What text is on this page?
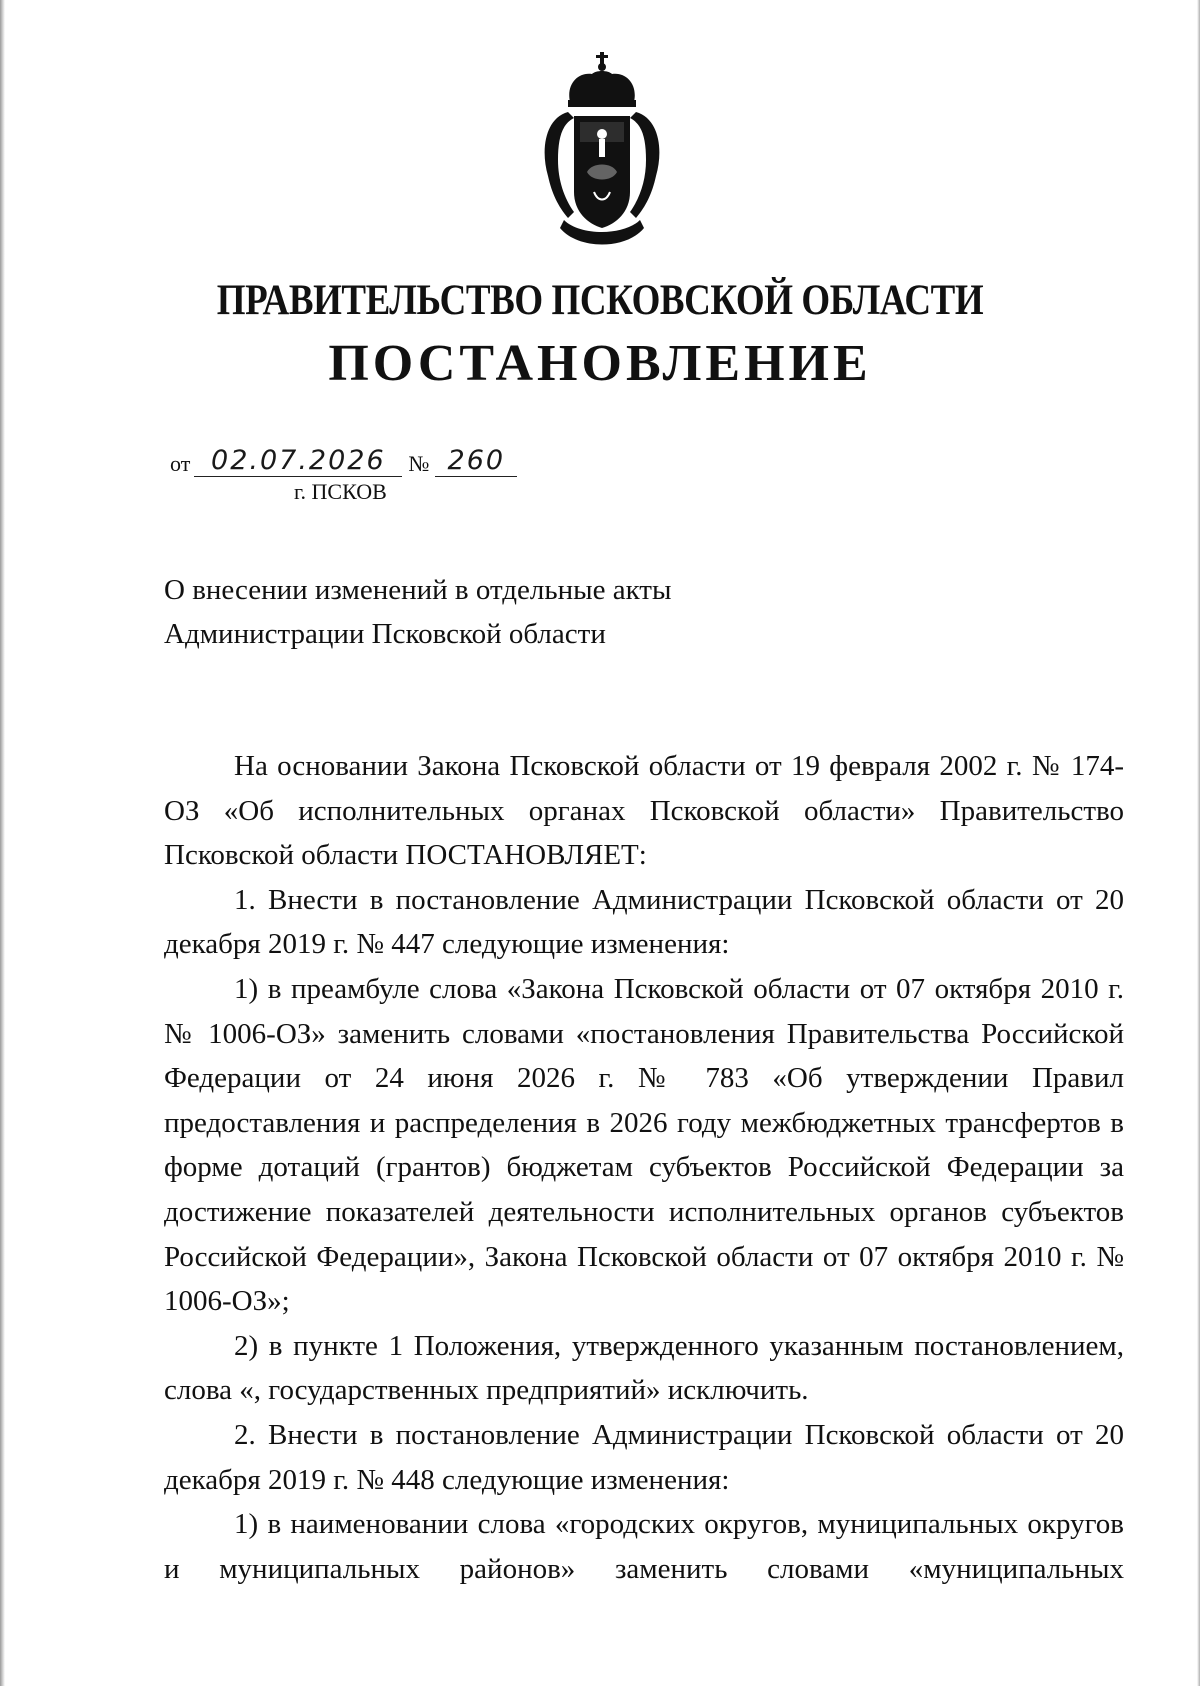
ПРАВИТЕЛЬСТВО ПСКОВСКОЙ ОБЛАСТИ
ПОСТАНОВЛЕНИЕ
от 02.07.2026	№ 260
г. ПСКОВ
О внесении изменений в отдельные акты
Администрации Псковской области

На основании Закона Псковской области от 19 февраля 2002 г. № 174-ОЗ «Об исполнительных органах Псковской области» Правительство Псковской области ПОСТАНОВЛЯЕТ:

1. Внести в постановление Администрации Псковской области от 20 декабря 2019 г. № 447 следующие изменения:

1) в преамбуле слова «Закона Псковской области от 07 октября 2010 г. № 1006-ОЗ» заменить словами «постановления Правительства Российской Федерации от 24 июня 2026 г. № 783 «Об утверждении Правил предоставления и распределения в 2026 году межбюджетных трансфертов в форме дотаций (грантов) бюджетам субъектов Российской Федерации за достижение показателей деятельности исполнительных органов субъектов Российской Федерации», Закона Псковской области от 07 октября 2010 г. № 1006-ОЗ»;

2) в пункте 1 Положения, утвержденного указанным постановлением, слова «, государственных предприятий» исключить.

2. Внести в постановление Администрации Псковской области от 20 декабря 2019 г. № 448 следующие изменения:

1) в наименовании слова «городских округов, муниципальных округов и муниципальных районов» заменить словами «муниципальных
